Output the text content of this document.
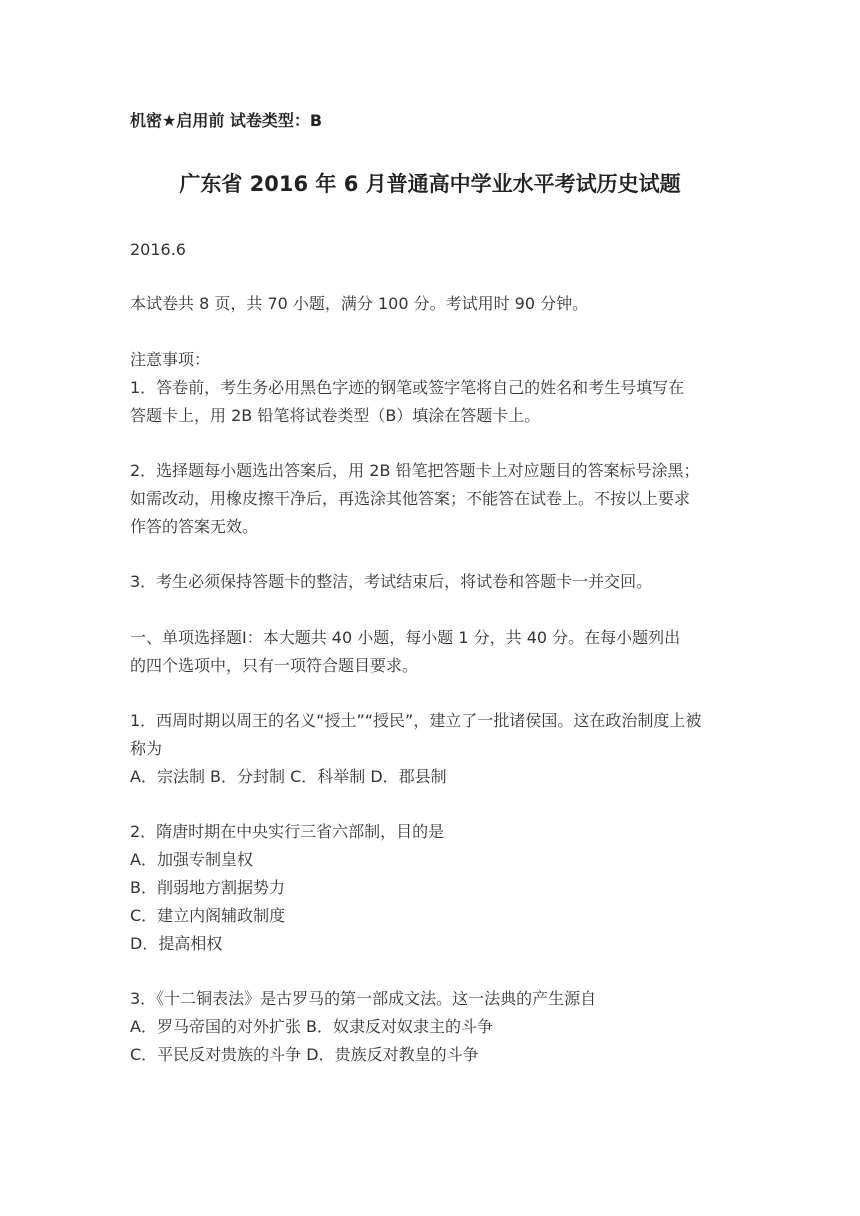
机密★启用前 试卷类型：B
广东省 2016 年 6 月普通高中学业水平考试历史试题
2016.6
本试卷共 8 页，共 70 小题，满分 100 分。考试用时 90 分钟。
注意事项：
1．答卷前，考生务必用黑色字迹的钢笔或签字笔将自己的姓名和考生号填写在
答题卡上，用 2B 铅笔将试卷类型（B）填涂在答题卡上。
2．选择题每小题选出答案后，用 2B 铅笔把答题卡上对应题目的答案标号涂黑；
如需改动，用橡皮擦干净后，再选涂其他答案；不能答在试卷上。不按以上要求
作答的答案无效。
3．考生必须保持答题卡的整洁，考试结束后，将试卷和答题卡一并交回。
一、单项选择题Ⅰ：本大题共 40 小题，每小题 1 分，共 40 分。在每小题列出
的四个选项中，只有一项符合题目要求。
1．西周时期以周王的名义“授土”“授民”，建立了一批诸侯国。这在政治制度上被
称为
A．宗法制 B．分封制 C．科举制 D．郡县制
2．隋唐时期在中央实行三省六部制，目的是
A．加强专制皇权
B．削弱地方割据势力
C．建立内阁辅政制度
D．提高相权
3．《十二铜表法》是古罗马的第一部成文法。这一法典的产生源自
A．罗马帝国的对外扩张 B．奴隶反对奴隶主的斗争
C．平民反对贵族的斗争 D．贵族反对教皇的斗争
